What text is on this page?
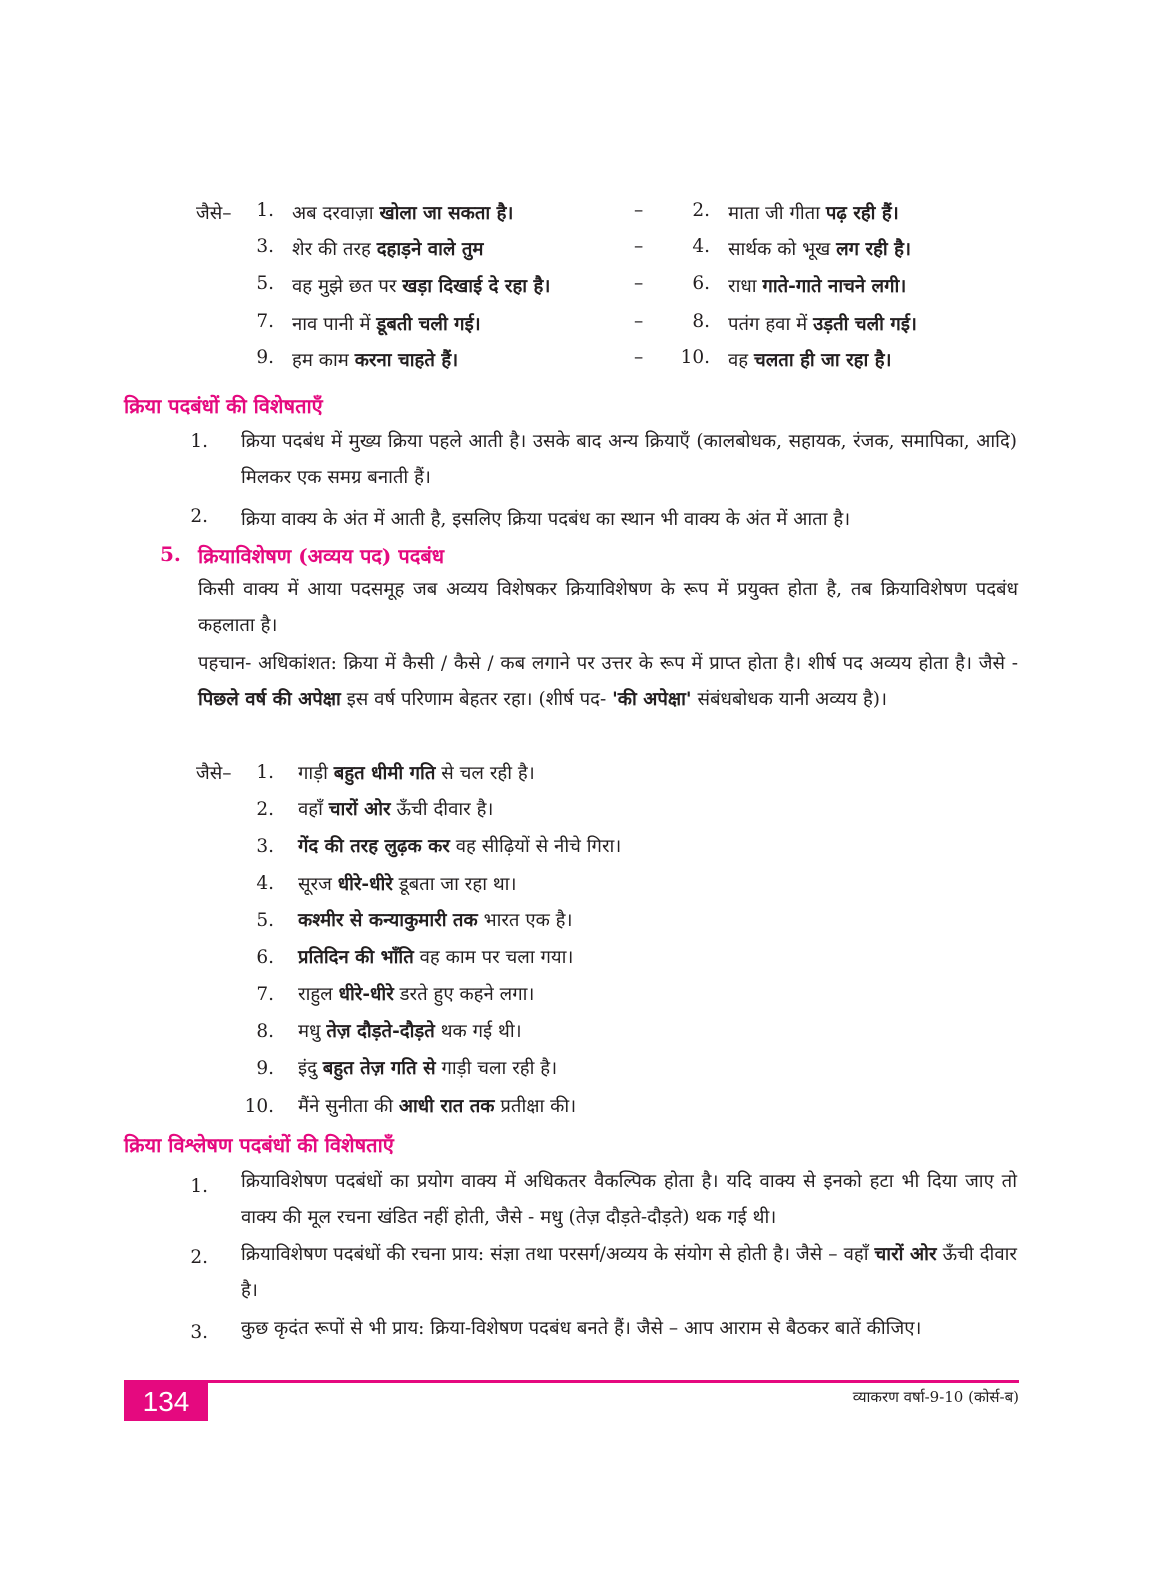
जैसे–	1. अब दरवाज़ा खोला जा सकता है।	–	2. माता जी गीता पढ़ रही हैं।
3. शेर की तरह दहाड़ने वाले तुम	–	4. सार्थक को भूख लग रही है।
5. वह मुझे छत पर खड़ा दिखाई दे रहा है।	–	6. राधा गाते-गाते नाचने लगी।
7. नाव पानी में डूबती चली गई।	–	8. पतंग हवा में उड़ती चली गई।
9. हम काम करना चाहते हैं।	– 10. वह चलता ही जा रहा है।
क्रिया पदबंधों की विशेषताएँ
1. क्रिया पदबंध में मुख्य क्रिया पहले आती है। उसके बाद अन्य क्रियाएँ (कालबोधक, सहायक, रंजक, समापिका, आदि) मिलकर एक समग्र बनाती हैं।
2. क्रिया वाक्य के अंत में आती है, इसलिए क्रिया पदबंध का स्थान भी वाक्य के अंत में आता है।
5. क्रियाविशेषण (अव्यय पद) पदबंध
किसी वाक्य में आया पदसमूह जब अव्यय विशेषकर क्रियाविशेषण के रूप में प्रयुक्त होता है, तब क्रियाविशेषण पदबंध कहलाता है।
पहचान- अधिकांशत: क्रिया में कैसी / कैसे / कब लगाने पर उत्तर के रूप में प्राप्त होता है। शीर्ष पद अव्यय होता है। जैसे - पिछले वर्ष की अपेक्षा इस वर्ष परिणाम बेहतर रहा। (शीर्ष पद- 'की अपेक्षा' संबंधबोधक यानी अव्यय है)।
जैसे–	1. गाड़ी बहुत धीमी गति से चल रही है।
2. वहाँ चारों ओर ऊँची दीवार है।
3. गेंद की तरह लुढ़क कर वह सीढ़ियों से नीचे गिरा।
4. सूरज धीरे-धीरे डूबता जा रहा था।
5. कश्मीर से कन्याकुमारी तक भारत एक है।
6. प्रतिदिन की भाँति वह काम पर चला गया।
7. राहुल धीरे-धीरे डरते हुए कहने लगा।
8. मधु तेज़ दौड़ते-दौड़ते थक गई थी।
9. इंदु बहुत तेज़ गति से गाड़ी चला रही है।
10. मैंने सुनीता की आधी रात तक प्रतीक्षा की।
क्रिया विश्लेषण पदबंधों की विशेषताएँ
1. क्रियाविशेषण पदबंधों का प्रयोग वाक्य में अधिकतर वैकल्पिक होता है। यदि वाक्य से इनको हटा भी दिया जाए तो वाक्य की मूल रचना खंडित नहीं होती, जैसे - मधु (तेज़ दौड़ते-दौड़ते) थक गई थी।
2. क्रियाविशेषण पदबंधों की रचना प्राय: संज्ञा तथा परसर्ग/अव्यय के संयोग से होती है। जैसे – वहाँ चारों ओर ऊँची दीवार है।
3. कुछ कृदंत रूपों से भी प्राय: क्रिया-विशेषण पदबंध बनते हैं। जैसे – आप आराम से बैठकर बातें कीजिए।
134	व्याकरण वर्षा-9-10 (कोर्स-ब)
